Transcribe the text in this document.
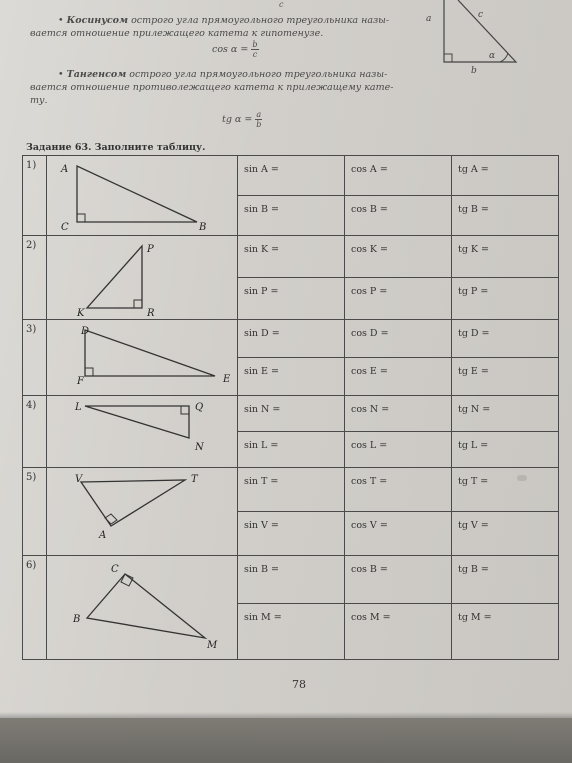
c
a	c
b
α
• Косинусом острого угла прямоугольного треугольника назы-
вается отношение прилежащего катета к гипотенузе.
$\cos \alpha = \frac{b}{c}$
• Тангенсом острого угла прямоугольного треугольника назы-
вается отношение противолежащего катета к прилежащему кате-
ту.
tg $\alpha = \frac{a}{b}$
Задание 63. Заполните таблицу.
1)	A
C B	sin A =	cos A =	tg A =
		sin B =	cos B =	tg B =
2)	P
K R	sin K =	cos K =	tg K =
		sin P =	cos P =	tg P =
3)	D
F E	sin D =	cos D =	tg D =
		sin E =	cos E =	tg E =
4)	L Q
N	sin N =	cos N =	tg N =
		sin L =	cos L =	tg L =
5)	V T
A	sin T =	cos T =	tg T =
		sin V =	cos V =	tg V =
6)	C
B
M	sin B =	cos B =	tg B =
		sin M =	cos M =	tg M =
78
